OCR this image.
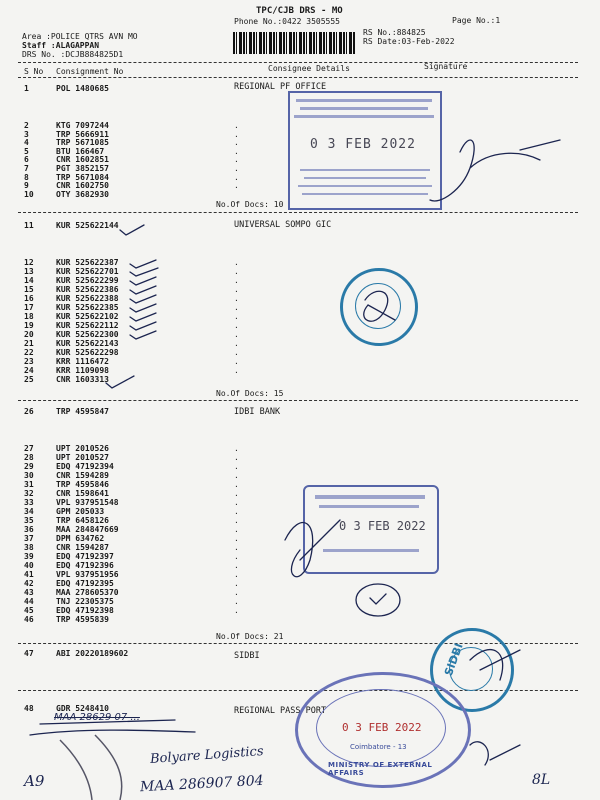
TPC/CJB DRS - MO
Phone No.:0422 3505555	Page No.:1
Area :POLICE QTRS AVN MO
Staff :ALAGAPPAN
DRS No. :DCJB884825D1
RS No.:884825
RS Date:03-Feb-2022
S No Consignment No	Consignee Details	Signature
REGIONAL PF OFFICE
1	POL 1480685
2	KTG 7097244	.
3	TRP 5666911	.
4	TRP 5671085	.
5	BTU 166467	.
6	CNR 1602851	.
7	PGT 3852157	.
8	TRP 5671084	.
9	CNR 1602750	.
10	OTY 3682930
No.Of Docs: 10
UNIVERSAL SOMPO GIC
11	KUR 525622144
12	KUR 525622387	.
13	KUR 525622701	.
14	KUR 525622299	.
15	KUR 525622386	.
16	KUR 525622388	.
17	KUR 525622385	.
18	KUR 525622102	.
19	KUR 525622112	.
20	KUR 525622300	.
21	KUR 525622143	.
22	KUR 525622298	.
23	KRR 1116472	.
24	KRR 1109098	.
25	CNR 1603313
No.Of Docs: 15
IDBI BANK
26	TRP 4595847
27	UPT 2010526	.
28	UPT 2010527	.
29	EDQ 47192394	.
30	CNR 1594289	.
31	TRP 4595846	.
32	CNR 1598641	.
33	VPL 937951548	.
34	GPM 205033	.
35	TRP 6458126	.
36	MAA 284847669	.
37	DPM 634762	.
38	CNR 1594287	.
39	EDQ 47192397	.
40	EDQ 47192396	.
41	VPL 937951956	.
42	EDQ 47192395	.
43	MAA 278605370	.
44	TNJ 22305375	.
45	EDQ 47192398	.
46	TRP 4595839
No.Of Docs: 21
SIDBI
47	ABI 20220189602
REGIONAL PASS PORT
48	GDR 5248410
0 3 FEB 2022
0 3 FEB 2022
SIDBI
0 3 FEB 2022
Coimbatore - 13
MINISTRY OF EXTERNAL AFFAIRS
MAA 28629 07 ...
Bolyare Logistics
MAA 286907 804
A9	8L
